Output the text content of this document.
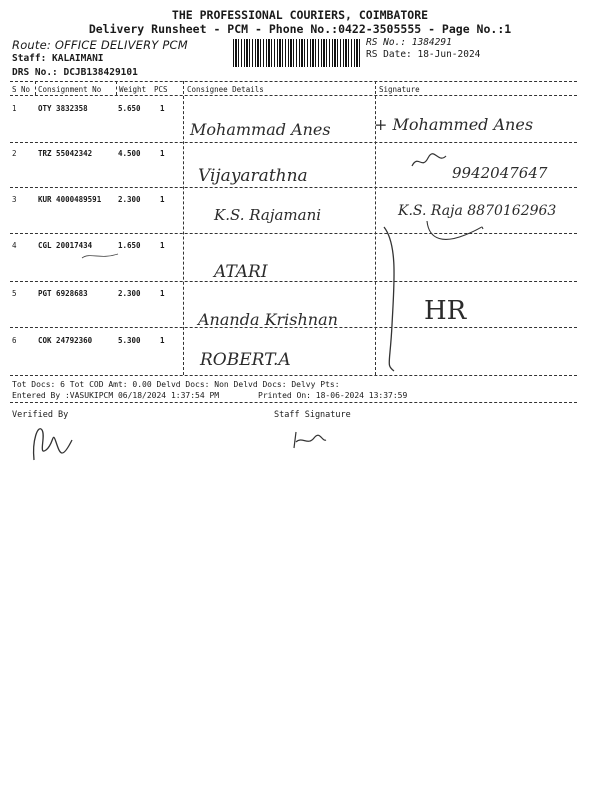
THE PROFESSIONAL COURIERS, COIMBATORE
Delivery Runsheet - PCM - Phone No.:0422-3505555 - Page No.:1
Route: OFFICE DELIVERY PCM
Staff: KALAIMANI
DRS No.: DCJB138429101
RS No.: 1384291
RS Date: 18-Jun-2024
S No Consignment No Weight PCS	Consignee Details	Signature
1	OTY 3832358	5.650	1
Mohammad Anes	+ Mohammed Anes
2	TRZ 55042342	4.500	1
Vijayarathna	9942047647
3	KUR 4000489591 2.300	1
K.S. Rajamani	K.S. Raja 8870162963
4	CGL 20017434	1.650	1
ATARI
5	PGT 6928683	2.300	1
Ananda Krishnan	HR
6	COK 24792360	5.300	1
ROBERT.A
Tot Docs: 6 Tot COD Amt: 0.00 Delvd Docs: Non Delvd Docs: Delvy Pts:
Entered By :VASUKIPCM 06/18/2024 1:37:54 PM	Printed On: 18-06-2024 13:37:59
Verified By	Staff Signature
